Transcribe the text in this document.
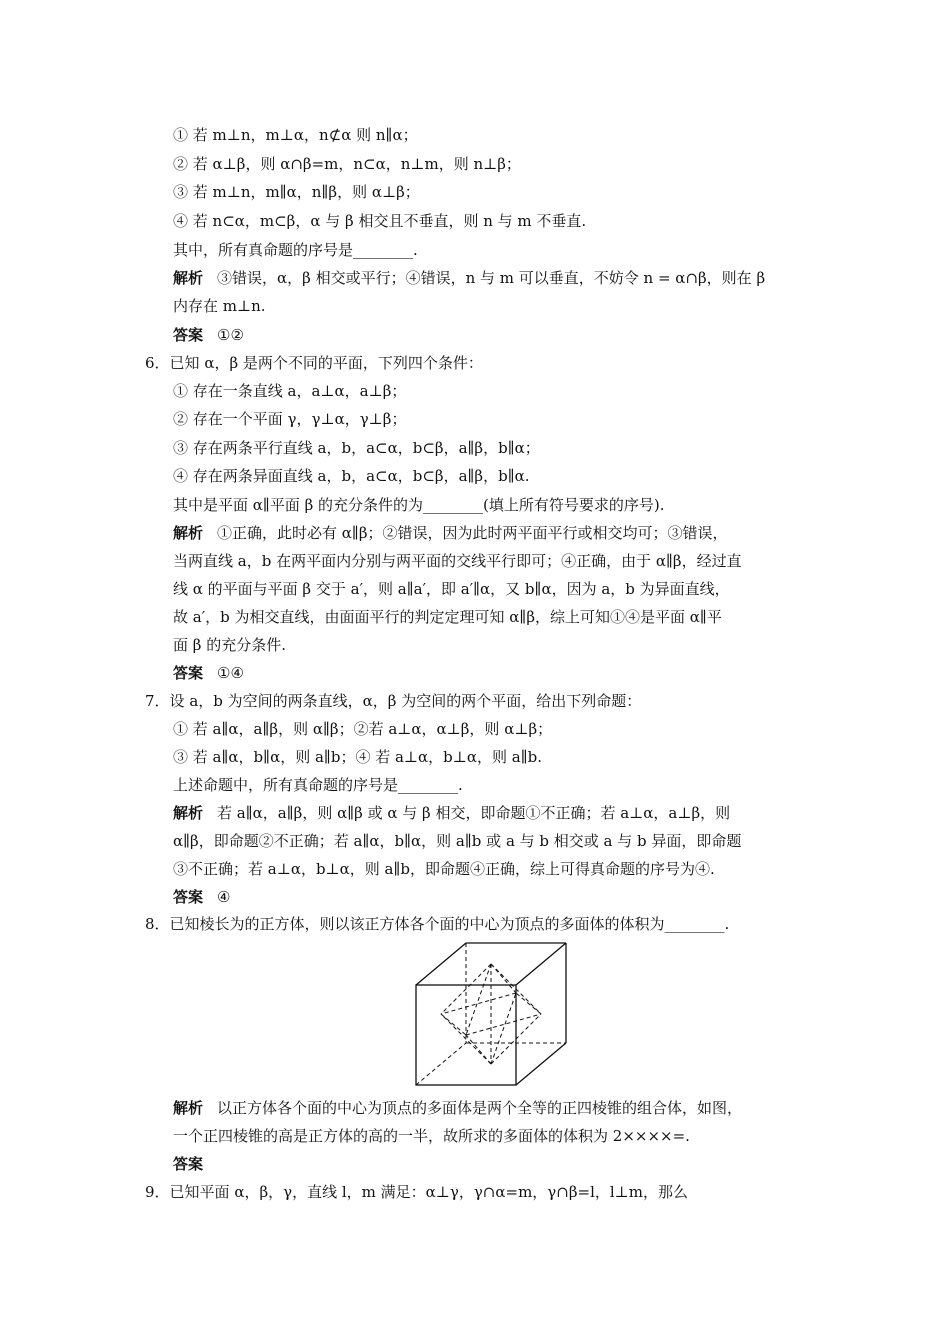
① 若 m⊥n，m⊥α，n⊄α 则 n∥α；
② 若 α⊥β，则 α∩β=m，n⊂α，n⊥m，则 n⊥β；
③ 若 m⊥n，m∥α，n∥β，则 α⊥β；
④ 若 n⊂α，m⊂β，α 与 β 相交且不垂直，则 n 与 m 不垂直.
其中，所有真命题的序号是________.
解析 ③错误，α，β 相交或平行；④错误，n 与 m 可以垂直，不妨令 n = α∩β，则在 β
内存在 m⊥n.
答案 ①②
6．已知 α，β 是两个不同的平面，下列四个条件：
① 存在一条直线 a，a⊥α，a⊥β；
② 存在一个平面 γ，γ⊥α，γ⊥β；
③ 存在两条平行直线 a，b，a⊂α，b⊂β，a∥β，b∥α；
④ 存在两条异面直线 a，b，a⊂α，b⊂β，a∥β，b∥α.
其中是平面 α∥平面 β 的充分条件的为________(填上所有符号要求的序号).
解析 ①正确，此时必有 α∥β；②错误，因为此时两平面平行或相交均可；③错误，
当两直线 a，b 在两平面内分别与两平面的交线平行即可；④正确，由于 α∥β，经过直
线 α 的平面与平面 β 交于 a′，则 a∥a′，即 a′∥α，又 b∥α，因为 a，b 为异面直线，
故 a′，b 为相交直线，由面面平行的判定定理可知 α∥β，综上可知①④是平面 α∥平
面 β 的充分条件.
答案 ①④
7．设 a，b 为空间的两条直线，α，β 为空间的两个平面，给出下列命题：
① 若 a∥α，a∥β，则 α∥β；②若 a⊥α，α⊥β，则 α⊥β；
③ 若 a∥α，b∥α，则 a∥b；④ 若 a⊥α，b⊥α，则 a∥b.
上述命题中，所有真命题的序号是________.
解析 若 a∥α，a∥β，则 α∥β 或 α 与 β 相交，即命题①不正确；若 a⊥α，a⊥β，则
α∥β，即命题②不正确；若 a∥α，b∥α，则 a∥b 或 a 与 b 相交或 a 与 b 异面，即命题
③不正确；若 a⊥α，b⊥α，则 a∥b，即命题④正确，综上可得真命题的序号为④.
答案 ④
8．已知棱长为的正方体，则以该正方体各个面的中心为顶点的多面体的体积为________.
解析 以正方体各个面的中心为顶点的多面体是两个全等的正四棱锥的组合体，如图，
一个正四棱锥的高是正方体的高的一半，故所求的多面体的体积为 2××××=.
答案
9．已知平面 α，β，γ，直线 l，m 满足：α⊥γ，γ∩α=m，γ∩β=l，l⊥m，那么
